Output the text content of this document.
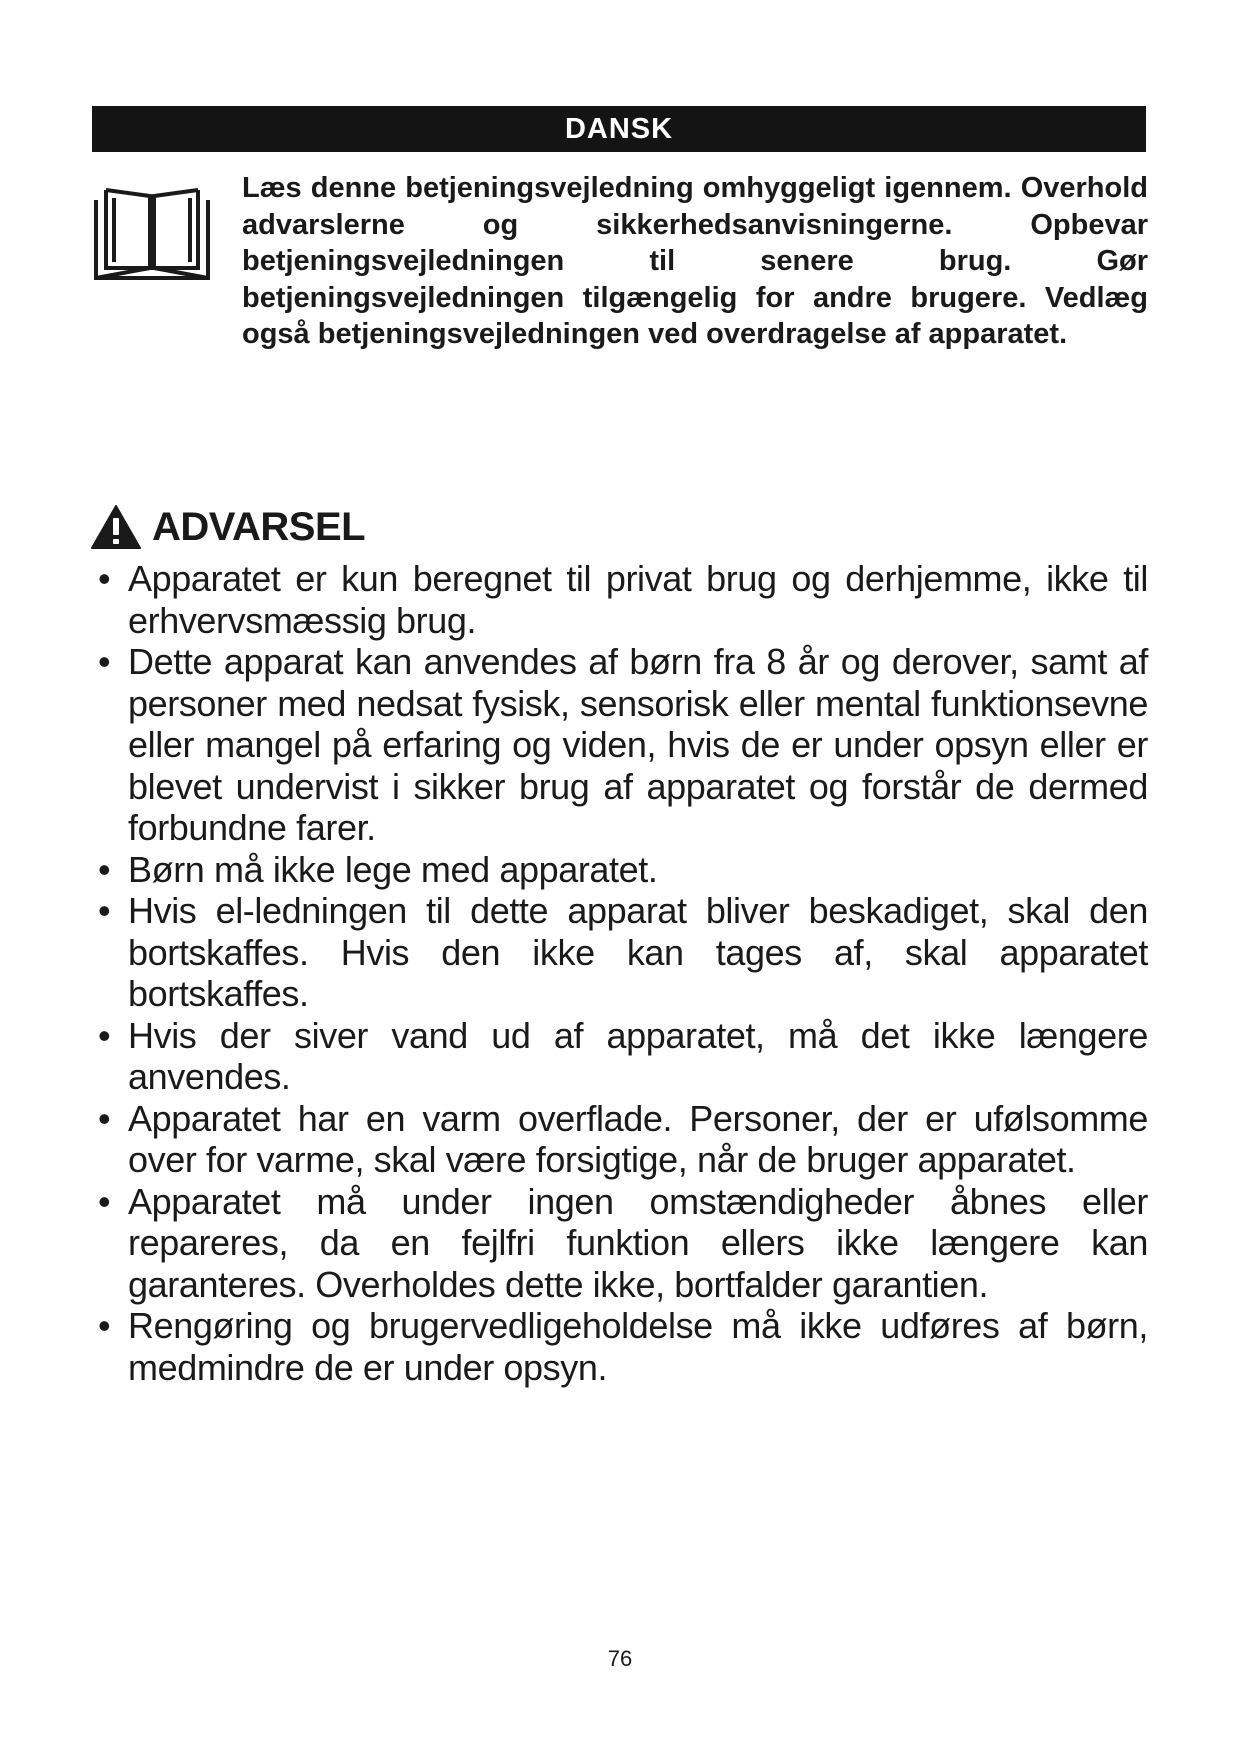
DANSK
Læs denne betjeningsvejledning omhyggeligt igennem. Overhold advarslerne og sikkerhedsanvisningerne. Opbevar betjeningsvejledningen til senere brug. Gør betjeningsvejledningen tilgængelig for andre brugere. Vedlæg også betjeningsvejledningen ved overdragelse af apparatet.
ADVARSEL
• Apparatet er kun beregnet til privat brug og derhjemme, ikke til erhvervsmæssig brug.
• Dette apparat kan anvendes af børn fra 8 år og derover, samt af personer med nedsat fysisk, sensorisk eller mental funktionsevne eller mangel på erfaring og viden, hvis de er under opsyn eller er blevet undervist i sikker brug af apparatet og forstår de dermed forbundne farer.
• Børn må ikke lege med apparatet.
• Hvis el-ledningen til dette apparat bliver beskadiget, skal den bortskaffes. Hvis den ikke kan tages af, skal apparatet bortskaffes.
• Hvis der siver vand ud af apparatet, må det ikke længere anvendes.
• Apparatet har en varm overflade. Personer, der er ufølsomme over for varme, skal være forsigtige, når de bruger apparatet.
• Apparatet må under ingen omstændigheder åbnes eller repareres, da en fejlfri funktion ellers ikke længere kan garanteres. Overholdes dette ikke, bortfalder garantien.
• Rengøring og brugervedligeholdelse må ikke udføres af børn, medmindre de er under opsyn.
76
